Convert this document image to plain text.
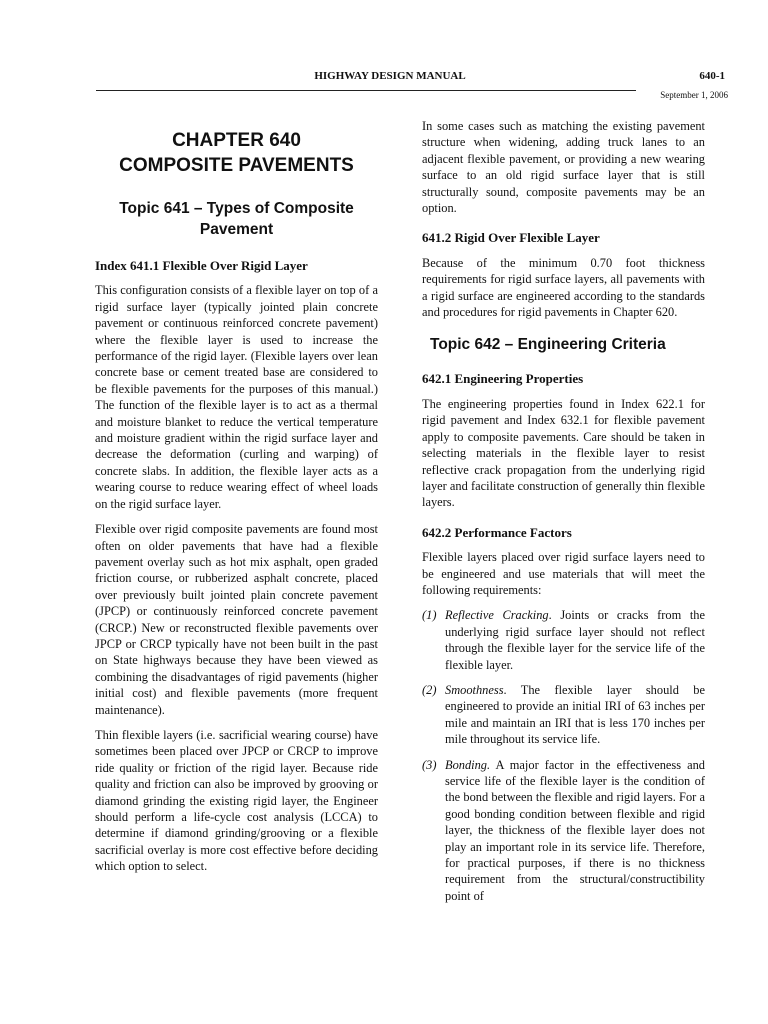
HIGHWAY DESIGN MANUAL	640-1
September 1, 2006
CHAPTER 640
COMPOSITE PAVEMENTS
Topic 641 – Types of Composite Pavement
Index 641.1 Flexible Over Rigid Layer

This configuration consists of a flexible layer on top of a rigid surface layer (typically jointed plain concrete pavement or continuous reinforced concrete pavement) where the flexible layer is used to increase the performance of the rigid layer. (Flexible layers over lean concrete base or cement treated base are considered to be flexible pavements for the purposes of this manual.) The function of the flexible layer is to act as a thermal and moisture blanket to reduce the vertical temperature and moisture gradient within the rigid surface layer and decrease the deformation (curling and warping) of concrete slabs. In addition, the flexible layer acts as a wearing course to reduce wearing effect of wheel loads on the rigid surface layer.

Flexible over rigid composite pavements are found most often on older pavements that have had a flexible pavement overlay such as hot mix asphalt, open graded friction course, or rubberized asphalt concrete, placed over previously built jointed plain concrete pavement (JPCP) or continuously reinforced concrete pavement (CRCP.) New or reconstructed flexible pavements over JPCP or CRCP typically have not been built in the past on State highways because they have been viewed as combining the disadvantages of rigid pavements (higher initial cost) and flexible pavements (more frequent maintenance).

Thin flexible layers (i.e. sacrificial wearing course) have sometimes been placed over JPCP or CRCP to improve ride quality or friction of the rigid layer. Because ride quality and friction can also be improved by grooving or diamond grinding the existing rigid layer, the Engineer should perform a life-cycle cost analysis (LCCA) to determine if diamond grinding/grooving or a flexible sacrificial overlay is more cost effective before deciding which option to select.

In some cases such as matching the existing pavement structure when widening, adding truck lanes to an adjacent flexible pavement, or providing a new wearing surface to an old rigid surface layer that is still structurally sound, composite pavements may be an option.

641.2 Rigid Over Flexible Layer

Because of the minimum 0.70 foot thickness requirements for rigid surface layers, all pavements with a rigid surface are engineered according to the standards and procedures for rigid pavements in Chapter 620.

Topic 642 – Engineering Criteria
642.1 Engineering Properties

The engineering properties found in Index 622.1 for rigid pavement and Index 632.1 for flexible pavement apply to composite pavements. Care should be taken in selecting materials in the flexible layer to resist reflective crack propagation from the underlying rigid layer and facilitate construction of generally thin flexible layers.

642.2 Performance Factors

Flexible layers placed over rigid surface layers need to be engineered and use materials that will meet the following requirements:

(1) Reflective Cracking. Joints or cracks from the underlying rigid surface layer should not reflect through the flexible layer for the service life of the flexible layer.
(2) Smoothness. The flexible layer should be engineered to provide an initial IRI of 63 inches per mile and maintain an IRI that is less 170 inches per mile throughout its service life.
(3) Bonding. A major factor in the effectiveness and service life of the flexible layer is the condition of the bond between the flexible and rigid layers. For a good bonding condition between flexible and rigid layer, the thickness of the flexible layer does not play an important role in its service life. Therefore, for practical purposes, if there is no thickness requirement from the structural/constructibility point of
